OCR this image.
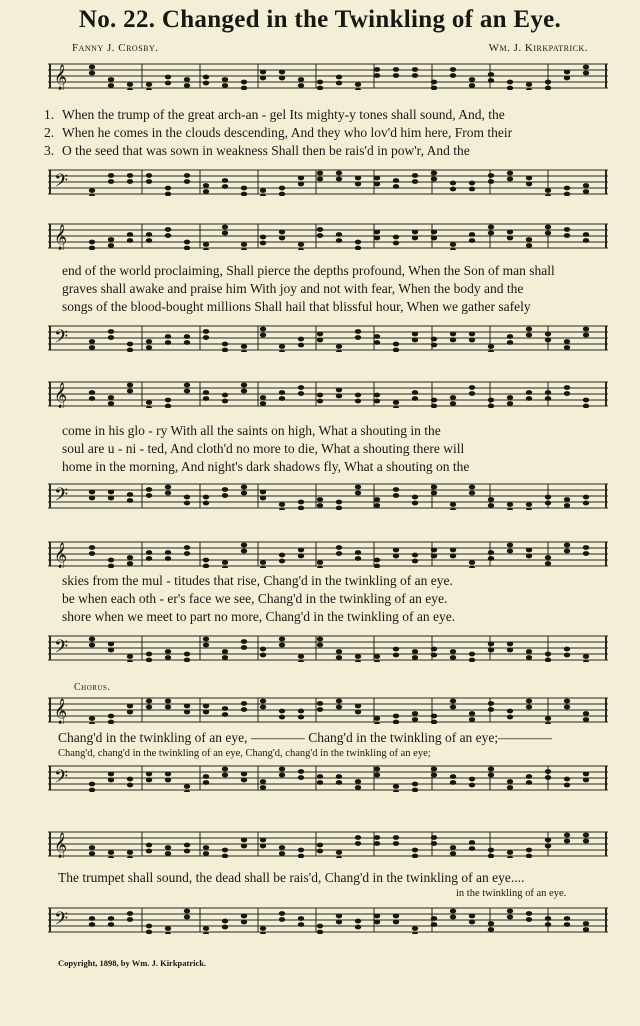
No. 22. Changed in the Twinkling of an Eye.
Fanny J. Crosby.	Wm. J. Kirkpatrick.
𝄞
1. When the trump of the great arch-an - gel Its mighty-y tones shall sound, And, the
2. When he comes in the clouds descending, And they who lov'd him here, From their
3. O the seed that was sown in weakness Shall then be rais'd in pow'r, And the
𝄢
𝄞
end of the world proclaiming, Shall pierce the depths profound, When the Son of man shall
graves shall awake and praise him With joy and not with fear, When the body and the
songs of the blood-bought millions Shall hail that blissful hour, When we gather safely
𝄢
𝄞
come in his glo - ry With all the saints on high, What a shouting in the
soul are u - ni - ted, And cloth'd no more to die, What a shouting there will
home in the morning, And night's dark shadows fly, What a shouting on the
𝄢
𝄞
skies from the mul - titudes that rise, Chang'd in the twinkling of an eye.
be when each oth - er's face we see, Chang'd in the twinkling of an eye.
shore when we meet to part no more, Chang'd in the twinkling of an eye.
𝄢
Chorus.
𝄞
Chang'd in the twinkling of an eye, ———— Chang'd in the twinkling of an eye;————
Chang'd, chang'd in the twinkling of an eye, Chang'd, chang'd in the twinkling of an eye;
𝄢
𝄞
The trumpet shall sound, the dead shall be rais'd, Chang'd in the twinkling of an eye....
in the twinkling of an eye.
𝄢
Copyright, 1898, by Wm. J. Kirkpatrick.
